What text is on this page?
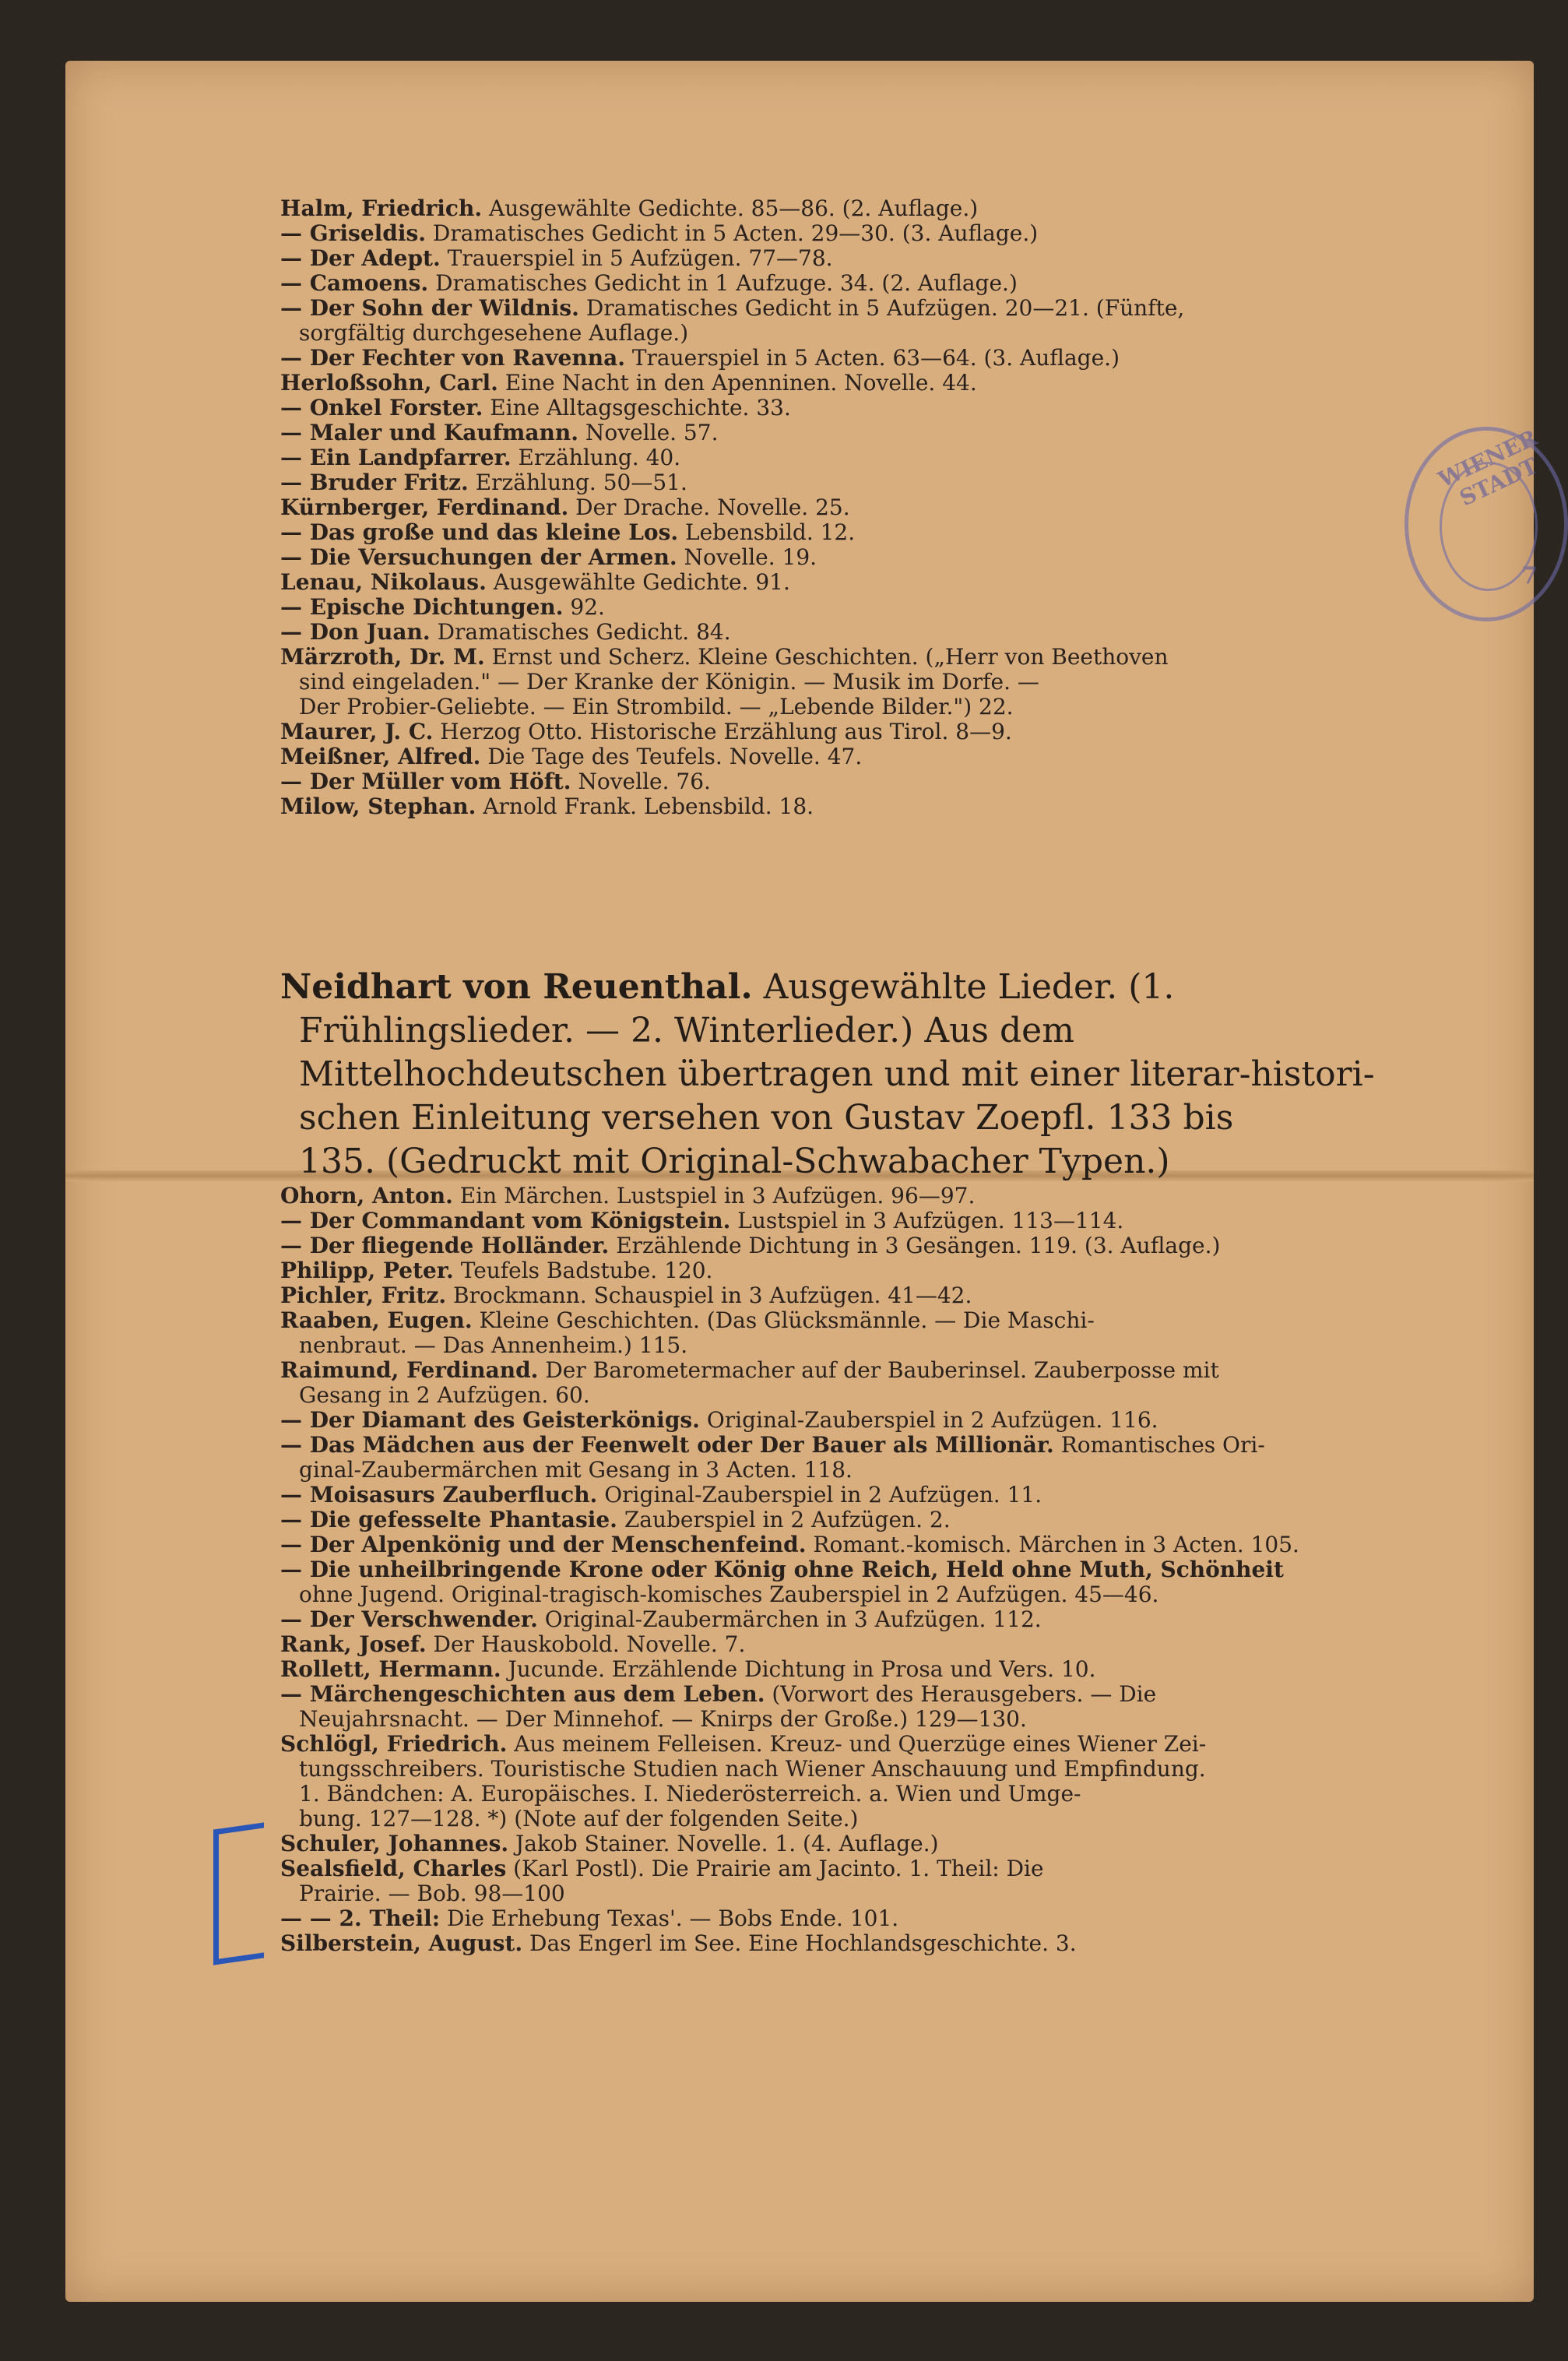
WIENER STADT
7
Halm, Friedrich. Ausgewählte Gedichte. 85—86. (2. Auflage.)
— Griseldis. Dramatisches Gedicht in 5 Acten. 29—30. (3. Auflage.)
— Der Adept. Trauerspiel in 5 Aufzügen. 77—78.
— Camoens. Dramatisches Gedicht in 1 Aufzuge. 34. (2. Auflage.)
— Der Sohn der Wildnis. Dramatisches Gedicht in 5 Aufzügen. 20—21. (Fünfte,
sorgfältig durchgesehene Auflage.)
— Der Fechter von Ravenna. Trauerspiel in 5 Acten. 63—64. (3. Auflage.)
Herloßsohn, Carl. Eine Nacht in den Apenninen. Novelle. 44.
— Onkel Forster. Eine Alltagsgeschichte. 33.
— Maler und Kaufmann. Novelle. 57.
— Ein Landpfarrer. Erzählung. 40.
— Bruder Fritz. Erzählung. 50—51.
Kürnberger, Ferdinand. Der Drache. Novelle. 25.
— Das große und das kleine Los. Lebensbild. 12.
— Die Versuchungen der Armen. Novelle. 19.
Lenau, Nikolaus. Ausgewählte Gedichte. 91.
— Epische Dichtungen. 92.
— Don Juan. Dramatisches Gedicht. 84.
Märzroth, Dr. M. Ernst und Scherz. Kleine Geschichten. („Herr von Beethoven
sind eingeladen." — Der Kranke der Königin. — Musik im Dorfe. —
Der Probier-Geliebte. — Ein Strombild. — „Lebende Bilder.") 22.
Maurer, J. C. Herzog Otto. Historische Erzählung aus Tirol. 8—9.
Meißner, Alfred. Die Tage des Teufels. Novelle. 47.
— Der Müller vom Höft. Novelle. 76.
Milow, Stephan. Arnold Frank. Lebensbild. 18.
Neidhart von Reuenthal. Ausgewählte Lieder. (1.
Frühlingslieder. — 2. Winterlieder.) Aus dem
Mittelhochdeutschen übertragen und mit einer literar-histori-
schen Einleitung versehen von Gustav Zoepfl. 133 bis
135. (Gedruckt mit Original-Schwabacher Typen.)
Ohorn, Anton. Ein Märchen. Lustspiel in 3 Aufzügen. 96—97.
— Der Commandant vom Königstein. Lustspiel in 3 Aufzügen. 113—114.
— Der fliegende Holländer. Erzählende Dichtung in 3 Gesängen. 119. (3. Auflage.)
Philipp, Peter. Teufels Badstube. 120.
Pichler, Fritz. Brockmann. Schauspiel in 3 Aufzügen. 41—42.
Raaben, Eugen. Kleine Geschichten. (Das Glücksmännle. — Die Maschi-
nenbraut. — Das Annenheim.) 115.
Raimund, Ferdinand. Der Barometermacher auf der Bauberinsel. Zauberposse mit
Gesang in 2 Aufzügen. 60.
— Der Diamant des Geisterkönigs. Original-Zauberspiel in 2 Aufzügen. 116.
— Das Mädchen aus der Feenwelt oder Der Bauer als Millionär. Romantisches Ori-
ginal-Zaubermärchen mit Gesang in 3 Acten. 118.
— Moisasurs Zauberfluch. Original-Zauberspiel in 2 Aufzügen. 11.
— Die gefesselte Phantasie. Zauberspiel in 2 Aufzügen. 2.
— Der Alpenkönig und der Menschenfeind. Romant.-komisch. Märchen in 3 Acten. 105.
— Die unheilbringende Krone oder König ohne Reich, Held ohne Muth, Schönheit
ohne Jugend. Original-tragisch-komisches Zauberspiel in 2 Aufzügen. 45—46.
— Der Verschwender. Original-Zaubermärchen in 3 Aufzügen. 112.
Rank, Josef. Der Hauskobold. Novelle. 7.
Rollett, Hermann. Jucunde. Erzählende Dichtung in Prosa und Vers. 10.
— Märchengeschichten aus dem Leben. (Vorwort des Herausgebers. — Die
Neujahrsnacht. — Der Minnehof. — Knirps der Große.) 129—130.
Schlögl, Friedrich. Aus meinem Felleisen. Kreuz- und Querzüge eines Wiener Zei-
tungsschreibers. Touristische Studien nach Wiener Anschauung und Empfindung.
1. Bändchen: A. Europäisches. I. Niederösterreich. a. Wien und Umge-
bung. 127—128. *) (Note auf der folgenden Seite.)
Schuler, Johannes. Jakob Stainer. Novelle. 1. (4. Auflage.)
Sealsfield, Charles (Karl Postl). Die Prairie am Jacinto. 1. Theil: Die
Prairie. — Bob. 98—100
— — 2. Theil: Die Erhebung Texas'. — Bobs Ende. 101.
Silberstein, August. Das Engerl im See. Eine Hochlandsgeschichte. 3.
